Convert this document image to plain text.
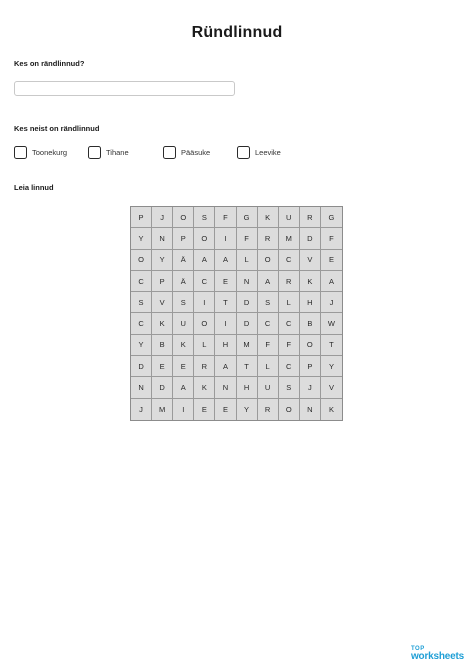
Ründlinnud
Kes on rändlinnud?
Kes neist on rändlinnud
Toonekurg	Tihane	Pääsuke	Leevike
Leia linnud
P	J	O	S	F	G	K	U	R	G
Y	N	P	O	I	F	R	M	D	F
O	Y	Ä	A	A	L	O	C	V	E
C	P	Ä	C	E	N	A	R	K	A
S	V	S	I	T	D	S	L	H	J
C	K	U	O	I	D	C	C	B	W
Y	B	K	L	H	M	F	F	O	T
D	E	E	R	A	T	L	C	P	Y
N	D	A	K	N	H	U	S	J	V
J	M	I	E	E	Y	R	O	N	K
TOP
worksheets
